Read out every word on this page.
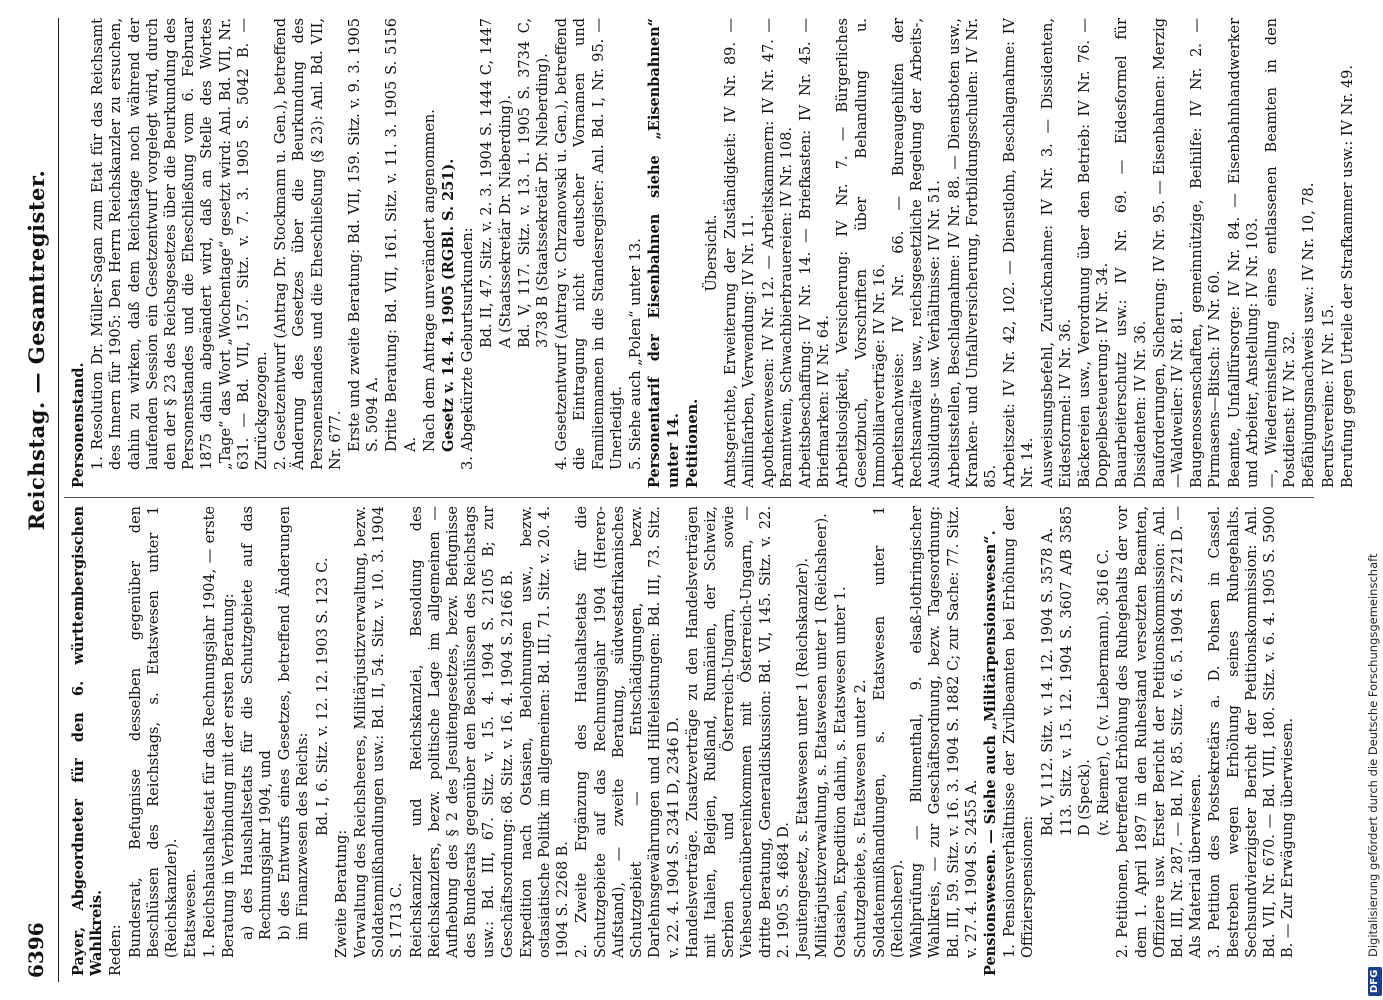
6396
Reichstag. — Gesamtregister.

Payer, Abgeordneter für den 6. württembergischen Wahlkreis. Reden: Bundesrat, Befugnisse desselben gegenüber den Beschlüssen des Reichstags, s. Etatswesen unter 1 (Reichskanzler). Etatswesen. 1. Reichshaushaltsetat für das Rechnungsjahr 1904, — erste Beratung in Verbindung mit der ersten Beratung: a) des Haushaltsetats für die Schutzgebiete auf das Rechnungsjahr 1904, und b) des Entwurfs eines Gesetzes, betreffend Änderungen im Finanzwesen des Reichs:

Bd. I, 6. Sitz. v. 12. 12. 1903 S. 123 C.

Zweite Beratung: Verwaltung des Reichsheeres, Militärjustizverwaltung, bezw. Soldatenmißhandlungen usw.: Bd. II, 54. Sitz. v. 10. 3. 1904 S. 1713 C. Reichskanzler und Reichskanzlei, Besoldung des Reichskanzlers, bezw. politische Lage im allgemeinen — Aufhebung des § 2 des Jesuitengesetzes, bezw. Befugnisse des Bundesrats gegenüber den Beschlüssen des Reichstags usw.: Bd. III, 67. Sitz. v. 15. 4. 1904 S. 2105 B; zur Geschäftsordnung: 68. Sitz. v. 16. 4. 1904 S. 2166 B. Expedition nach Ostasien, Belohnungen usw., bezw. ostasiatische Politik im allgemeinen: Bd. III, 71. Sitz. v. 20. 4. 1904 S. 2268 B. 2. Zweite Ergänzung des Haushaltsetats für die Schutzgebiete auf das Rechnungsjahr 1904 (Herero-Aufstand), — zweite Beratung, südwestafrikanisches Schutzgebiet — Entschädigungen, bezw. Darlehnsgewährungen und Hilfeleistungen: Bd. III, 73. Sitz. v. 22. 4. 1904 S. 2341 D, 2346 D. Handelsverträge. Zusatzverträge zu den Handelsverträgen mit Italien, Belgien, Rußland, Rumänien, der Schweiz, Serbien und Österreich-Ungarn, sowie Viehseuchenübereinkommen mit Österreich-Ungarn, — dritte Beratung, Generaldiskussion: Bd. VI, 145. Sitz. v. 22. 2. 1905 S. 4684 D. Jesuitengesetz, s. Etatswesen unter 1 (Reichskanzler). Militärjustizverwaltung, s. Etatswesen unter 1 (Reichsheer). Ostasien, Expedition dahin, s. Etatswesen unter 1. Schutzgebiete, s. Etatswesen unter 2. Soldatenmißhandlungen, s. Etatswesen unter 1 (Reichsheer). Wahlprüfung — Blumenthal, 9. elsaß-lothringischer Wahlkreis, — zur Geschäftsordnung, bezw. Tagesordnung: Bd. III, 59. Sitz. v. 16. 3. 1904 S. 1882 C; zur Sache: 77. Sitz. v. 27. 4. 1904 S. 2455 A. Pensionswesen. — Siehe auch „Militärpensionswesen“. 1. Pensionsverhältnisse der Zivilbeamten bei Erhöhung der Offizierspensionen:

Bd. V, 112. Sitz. v. 14. 12. 1904 S. 3578 A. 113. Sitz. v. 15. 12. 1904 S. 3607 A/B 3585 D (Speck). (v. Riemer), C (v. Liebermann). 3616 C. 2. Petitionen, betreffend Erhöhung des Ruhegehalts der vor dem 1. April 1897 in den Ruhestand versetzten Beamten, Offiziere usw. Erster Bericht der Petitionskommission: Anl. Bd. III, Nr. 287. — Bd. IV, 85. Sitz. v. 6. 5. 1904 S. 2721 D. — Als Material überwiesen. 3. Petition des Postsekretärs a. D. Pohsen in Cassel. Bestreben wegen Erhöhung seines Ruhegehalts. Sechsundvierzigster Bericht der Petitionskommission: Anl. Bd. VII, Nr. 670. — Bd. VIII, 180. Sitz. v. 6. 4. 1905 S. 5900 B. — Zur Erwägung überwiesen.

Personenstand. 1. Resolution Dr. Müller-Sagan zum Etat für das Reichsamt des Innern für 1905: Den Herrn Reichskanzler zu ersuchen, dahin zu wirken, daß dem Reichstage noch während der laufenden Session ein Gesetzentwurf vorgelegt wird, durch den der § 23 des Reichsgesetzes über die Beurkundung des Personenstandes und die Eheschließung vom 6. Februar 1875 dahin abgeändert wird, daß an Stelle des Wortes „Tage“ das Wort „Wochentage“ gesetzt wird: Anl. Bd. VII, Nr. 631. — Bd. VII, 157. Sitz. v. 7. 3. 1905 S. 5042 B. — Zurückgezogen. 2. Gesetzentwurf (Antrag Dr. Stockmann u. Gen.), betreffend Änderung des Gesetzes über die Beurkundung des Personenstandes und die Eheschließung (§ 23): Anl. Bd. VII, Nr. 677. Erste und zweite Beratung: Bd. VII, 159. Sitz. v. 9. 3. 1905 S. 5094 A. Dritte Beratung: Bd. VII, 161. Sitz. v. 11. 3. 1905 S. 5156 A. Nach dem Antrage unverändert angenommen. Gesetz v. 14. 4. 1905 (RGBl. S. 251). 3. Abgekürzte Geburtsurkunden:

Bd. II, 47. Sitz. v. 2. 3. 1904 S. 1444 C, 1447 A (Staatssekretär Dr. Nieberding). Bd. V, 117. Sitz. v. 13. 1. 1905 S. 3734 C, 3738 B (Staatssekretär Dr. Nieberding). 4. Gesetzentwurf (Antrag v. Chrzanowski u. Gen.), betreffend die Eintragung nicht deutscher Vornamen und Familiennamen in die Standesregister: Anl. Bd. I, Nr. 95. — Unerledigt. 5. Siehe auch „Polen“ unter 13. Personentarif der Eisenbahnen siehe „Eisenbahnen“ unter 14. Petitionen.

Übersicht. Amtsgerichte, Erweiterung der Zuständigkeit: IV Nr. 89. — Anilinfarben, Verwendung: IV Nr. 11. Apothekenwesen: IV Nr. 12. — Arbeitskammern: IV Nr. 47. — Branntwein, Schwachbierbrauereien: IV Nr. 108. Arbeitsbeschaffung: IV Nr. 14. — Briefkasten: IV Nr. 45. — Briefmarken: IV Nr. 64. Arbeitslosigkeit, Versicherung: IV Nr. 7. — Bürgerliches Gesetzbuch, Vorschriften über Behandlung u. Immobiliarverträge: IV Nr. 16. Arbeitsnachweise: IV Nr. 66. — Bureaugehilfen der Rechtsanwälte usw., reichsgesetzliche Regelung der Arbeits-, Ausbildungs- usw. Verhältnisse: IV Nr. 51. Arbeitsstellen, Beschlagnahme: IV Nr. 88. — Dienstboten usw., Kranken- und Unfallversicherung, Fortbildungsschulen: IV Nr. 85. Arbeitszeit: IV Nr. 42, 102. — Dienstlohn, Beschlagnahme: IV Nr. 14. Ausweisungsbefehl, Zurücknahme: IV Nr. 3. — Dissidenten, Eidesformel: IV Nr. 36. Bäckereien usw., Verordnung über den Betrieb: IV Nr. 76. — Doppelbesteuerung: IV Nr. 34. Bauarbeiterschutz usw.: IV Nr. 69. — Eidesformel für Dissidenten: IV Nr. 36. Bauforderungen, Sicherung: IV Nr. 95. — Eisenbahnen: Merzig—Waldweiler: IV Nr. 81. Baugenossenschaften, gemeinnützige, Beihilfe: IV Nr. 2. — Pirmasens—Bitsch: IV Nr. 60. Beamte, Unfallfürsorge: IV Nr. 84. — Eisenbahnhandwerker und Arbeiter, Anstellung: IV Nr. 103. —, Wiedereinstellung eines entlassenen Beamten in den Postdienst: IV Nr. 32. Befähigungsnachweis usw.: IV Nr. 10, 78. Berufsvereine: IV Nr. 15. Berufung gegen Urteile der Strafkammer usw.: IV Nr. 49.

DFG Digitalisierung gefördert durch die Deutsche Forschungsgemeinschaft
